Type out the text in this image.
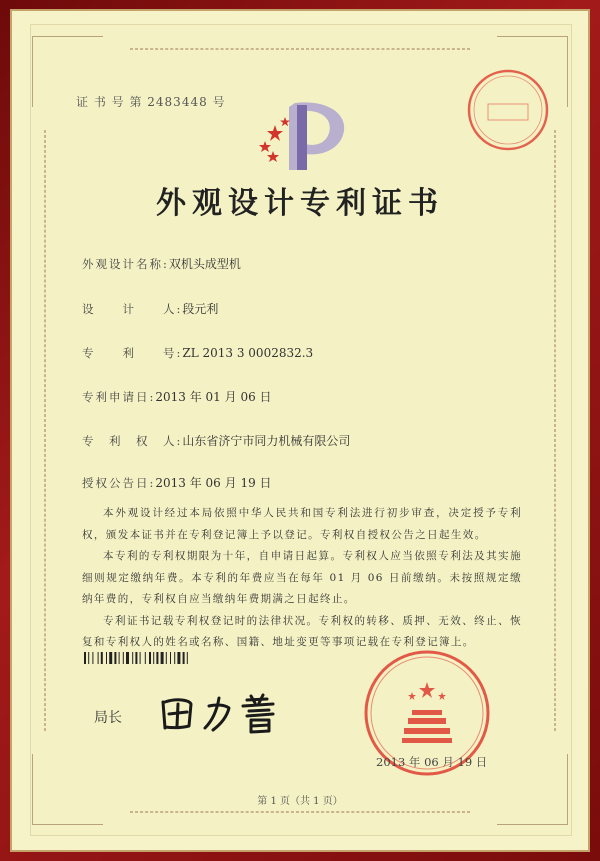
证 书 号 第 2483448 号
外观设计专利证书
外观设计名称:双机头成型机
设　　计　　人:段元利
专　　利　　号:ZL 2013 3 0002832.3
专利申请日:2013 年 01 月 06 日
专　利　权　人:山东省济宁市同力机械有限公司
授权公告日:2013 年 06 月 19 日

本外观设计经过本局依照中华人民共和国专利法进行初步审查，决定授予专利权，颁发本证书并在专利登记簿上予以登记。专利权自授权公告之日起生效。

本专利的专利权期限为十年，自申请日起算。专利权人应当依照专利法及其实施细则规定缴纳年费。本专利的年费应当在每年 01 月 06 日前缴纳。未按照规定缴纳年费的，专利权自应当缴纳年费期满之日起终止。

专利证书记载专利权登记时的法律状况。专利权的转移、质押、无效、终止、恢复和专利权人的姓名或名称、国籍、地址变更等事项记载在专利登记簿上。

局长
2013 年 06 月 19 日
第 1 页（共 1 页）
